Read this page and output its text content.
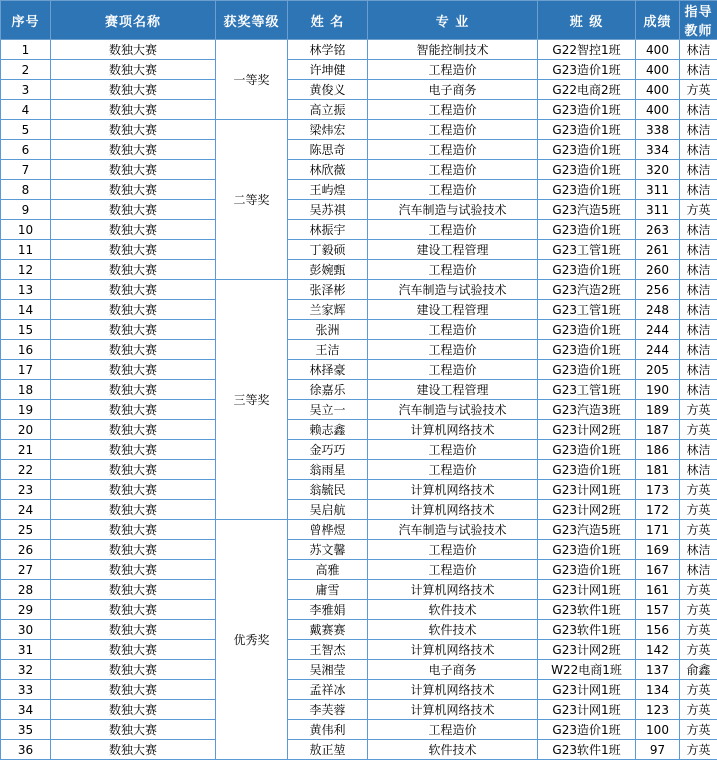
序号	赛项名称	获奖等级	姓 名	专 业	班 级	成绩	指导教师
1	数独大赛	一等奖	林学铭	智能控制技术	G22智控1班	400	林洁
2	数独大赛		许坤健	工程造价	G23造价1班	400	林洁
3	数独大赛		黄俊义	电子商务	G22电商2班	400	方英
4	数独大赛		高立振	工程造价	G23造价1班	400	林洁
5	数独大赛	二等奖	梁炜宏	工程造价	G23造价1班	338	林洁
6	数独大赛		陈思奇	工程造价	G23造价1班	334	林洁
7	数独大赛		林欣薇	工程造价	G23造价1班	320	林洁
8	数独大赛		王屿煌	工程造价	G23造价1班	311	林洁
9	数独大赛		吴苏祺	汽车制造与试验技术	G23汽造5班	311	方英
10	数独大赛		林振宇	工程造价	G23造价1班	263	林洁
11	数独大赛		丁毅硕	建设工程管理	G23工管1班	261	林洁
12	数独大赛		彭婉甄	工程造价	G23造价1班	260	林洁
13	数独大赛	三等奖	张泽彬	汽车制造与试验技术	G23汽造2班	256	林洁
14	数独大赛		兰家辉	建设工程管理	G23工管1班	248	林洁
15	数独大赛		张洲	工程造价	G23造价1班	244	林洁
16	数独大赛		王洁	工程造价	G23造价1班	244	林洁
17	数独大赛		林择豪	工程造价	G23造价1班	205	林洁
18	数独大赛		徐嘉乐	建设工程管理	G23工管1班	190	林洁
19	数独大赛		吴立一	汽车制造与试验技术	G23汽造3班	189	方英
20	数独大赛		赖志鑫	计算机网络技术	G23计网2班	187	方英
21	数独大赛		金巧巧	工程造价	G23造价1班	186	林洁
22	数独大赛		翁雨星	工程造价	G23造价1班	181	林洁
23	数独大赛		翁毓民	计算机网络技术	G23计网1班	173	方英
24	数独大赛		吴启航	计算机网络技术	G23计网2班	172	方英
25	数独大赛	优秀奖	曾桦煜	汽车制造与试验技术	G23汽造5班	171	方英
26	数独大赛		苏文馨	工程造价	G23造价1班	169	林洁
27	数独大赛		高雅	工程造价	G23造价1班	167	林洁
28	数独大赛		庸雪	计算机网络技术	G23计网1班	161	方英
29	数独大赛		李雅娟	软件技术	G23软件1班	157	方英
30	数独大赛		戴赛赛	软件技术	G23软件1班	156	方英
31	数独大赛		王智杰	计算机网络技术	G23计网2班	142	方英
32	数独大赛		吴湘莹	电子商务	W22电商1班	137	俞鑫
33	数独大赛		孟祥冰	计算机网络技术	G23计网1班	134	方英
34	数独大赛		李芙蓉	计算机网络技术	G23计网1班	123	方英
35	数独大赛		黄伟利	工程造价	G23造价1班	100	方英
36	数独大赛		敖正堃	软件技术	G23软件1班	97	方英
